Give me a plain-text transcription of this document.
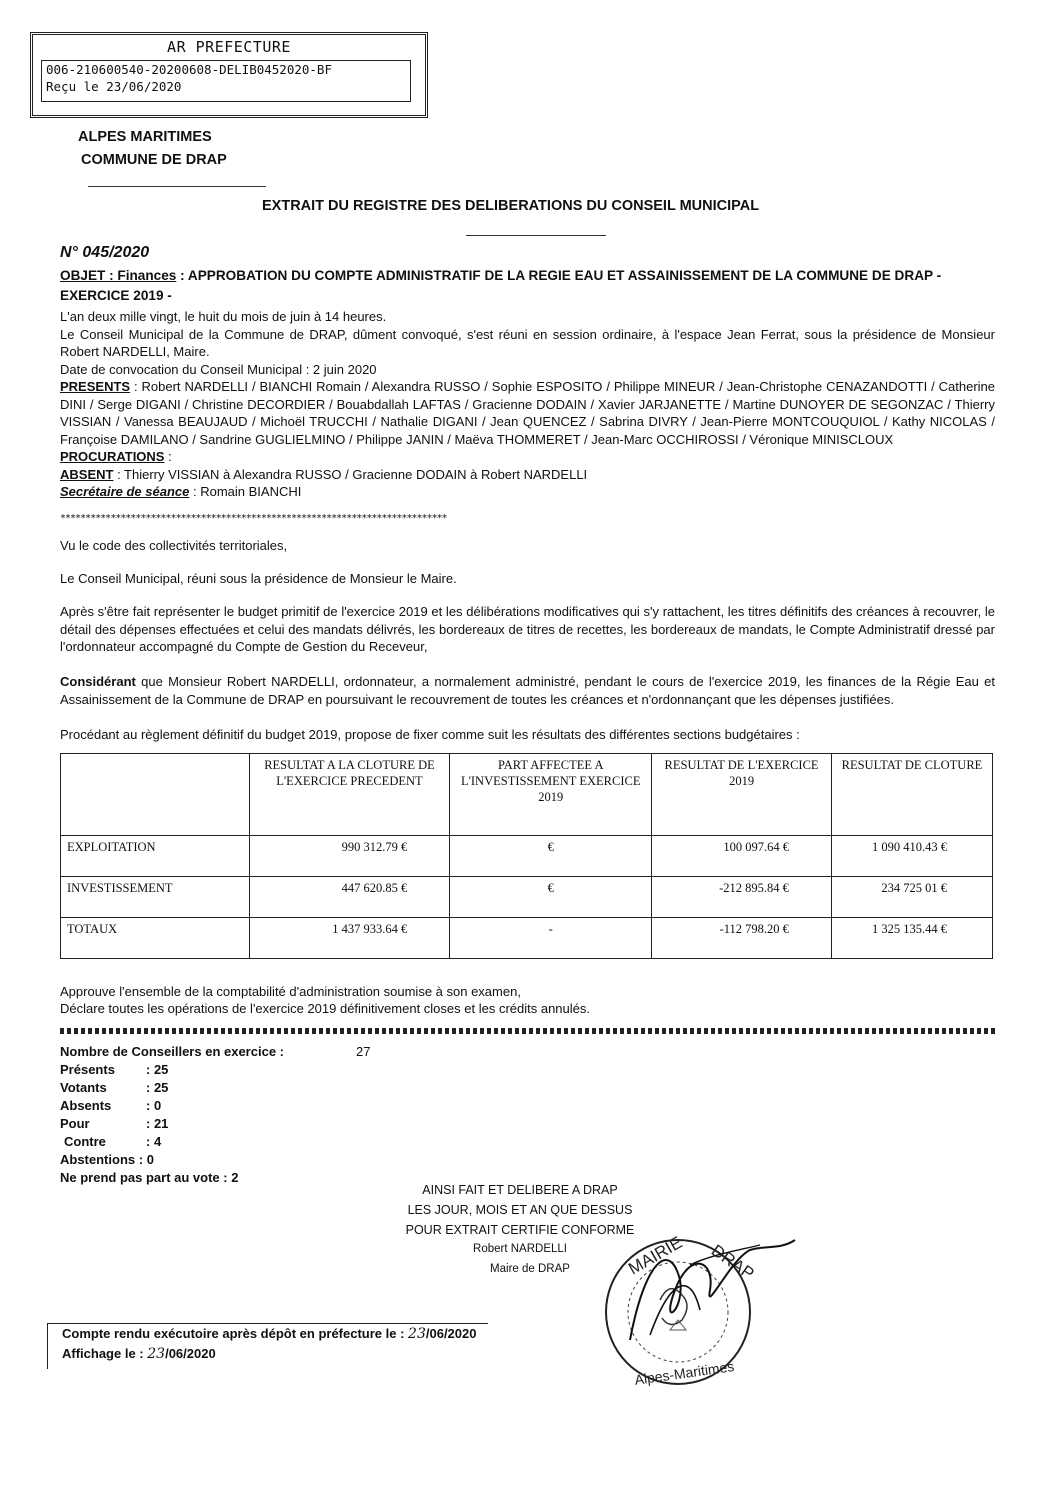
AR PREFECTURE
006-210600540-20200608-DELIB0452020-BF
Reçu le 23/06/2020
ALPES MARITIMES
COMMUNE DE DRAP
EXTRAIT DU REGISTRE DES DELIBERATIONS DU CONSEIL MUNICIPAL
N° 045/2020
OBJET : Finances : APPROBATION DU COMPTE ADMINISTRATIF DE LA REGIE EAU ET ASSAINISSEMENT DE LA COMMUNE DE DRAP - EXERCICE 2019 -

L'an deux mille vingt, le huit du mois de juin à 14 heures.

Le Conseil Municipal de la Commune de DRAP, dûment convoqué, s'est réuni en session ordinaire, à l'espace Jean Ferrat, sous la présidence de Monsieur Robert NARDELLI, Maire.

Date de convocation du Conseil Municipal : 2 juin 2020

PRESENTS : Robert NARDELLI / BIANCHI Romain / Alexandra RUSSO / Sophie ESPOSITO / Philippe MINEUR / Jean-Christophe CENAZANDOTTI / Catherine DINI / Serge DIGANI / Christine DECORDIER / Bouabdallah LAFTAS / Gracienne DODAIN / Xavier JARJANETTE / Martine DUNOYER DE SEGONZAC / Thierry VISSIAN / Vanessa BEAUJAUD / Michoël TRUCCHI / Nathalie DIGANI / Jean QUENCEZ / Sabrina DIVRY / Jean-Pierre MONTCOUQUIOL / Kathy NICOLAS / Françoise DAMILANO / Sandrine GUGLIELMINO / Philippe JANIN / Maëva THOMMERET / Jean-Marc OCCHIROSSI / Véronique MINISCLOUX

PROCURATIONS :

ABSENT : Thierry VISSIAN à Alexandra RUSSO / Gracienne DODAIN à Robert NARDELLI

Secrétaire de séance : Romain BIANCHI

*****************************************************************************
Vu le code des collectivités territoriales,
Le Conseil Municipal, réuni sous la présidence de Monsieur le Maire.
Après s'être fait représenter le budget primitif de l'exercice 2019 et les délibérations modificatives qui s'y rattachent, les titres définitifs des créances à recouvrer, le détail des dépenses effectuées et celui des mandats délivrés, les bordereaux de titres de recettes, les bordereaux de mandats, le Compte Administratif dressé par l'ordonnateur accompagné du Compte de Gestion du Receveur,
Considérant que Monsieur Robert NARDELLI, ordonnateur, a normalement administré, pendant le cours de l'exercice 2019, les finances de la Régie Eau et Assainissement de la Commune de DRAP en poursuivant le recouvrement de toutes les créances et n'ordonnançant que les dépenses justifiées.
Procédant au règlement définitif du budget 2019, propose de fixer comme suit les résultats des différentes sections budgétaires :
	RESULTAT A LA CLOTURE DE L'EXERCICE PRECEDENT	PART AFFECTEE A L'INVESTISSEMENT EXERCICE 2019	RESULTAT DE L'EXERCICE 2019	RESULTAT DE CLOTURE
EXPLOITATION	990 312.79 €	€	100 097.64 €	1 090 410.43 €
INVESTISSEMENT	447 620.85 €	€	-212 895.84 €	234 725 01 €
TOTAUX	1 437 933.64 €	-	-112 798.20 €	1 325 135.44 €
Approuve l'ensemble de la comptabilité d'administration soumise à son examen,
Déclare toutes les opérations de l'exercice 2019 définitivement closes et les crédits annulés.
Nombre de Conseillers en exercice :	27
Présents : 25
Votants	: 25
Absents	: 0
Pour	: 21
Contre	: 4
Abstentions : 0
Ne prend pas part au vote : 2
AINSI FAIT ET DELIBERE A DRAP
LES JOUR, MOIS ET AN QUE DESSUS
POUR EXTRAIT CERTIFIE CONFORME
Robert NARDELLI
Maire de DRAP	MAIRIE DRAP
Alpes-Maritimes
Compte rendu exécutoire après dépôt en préfecture le : 23/06/2020
Affichage le : 23/06/2020
